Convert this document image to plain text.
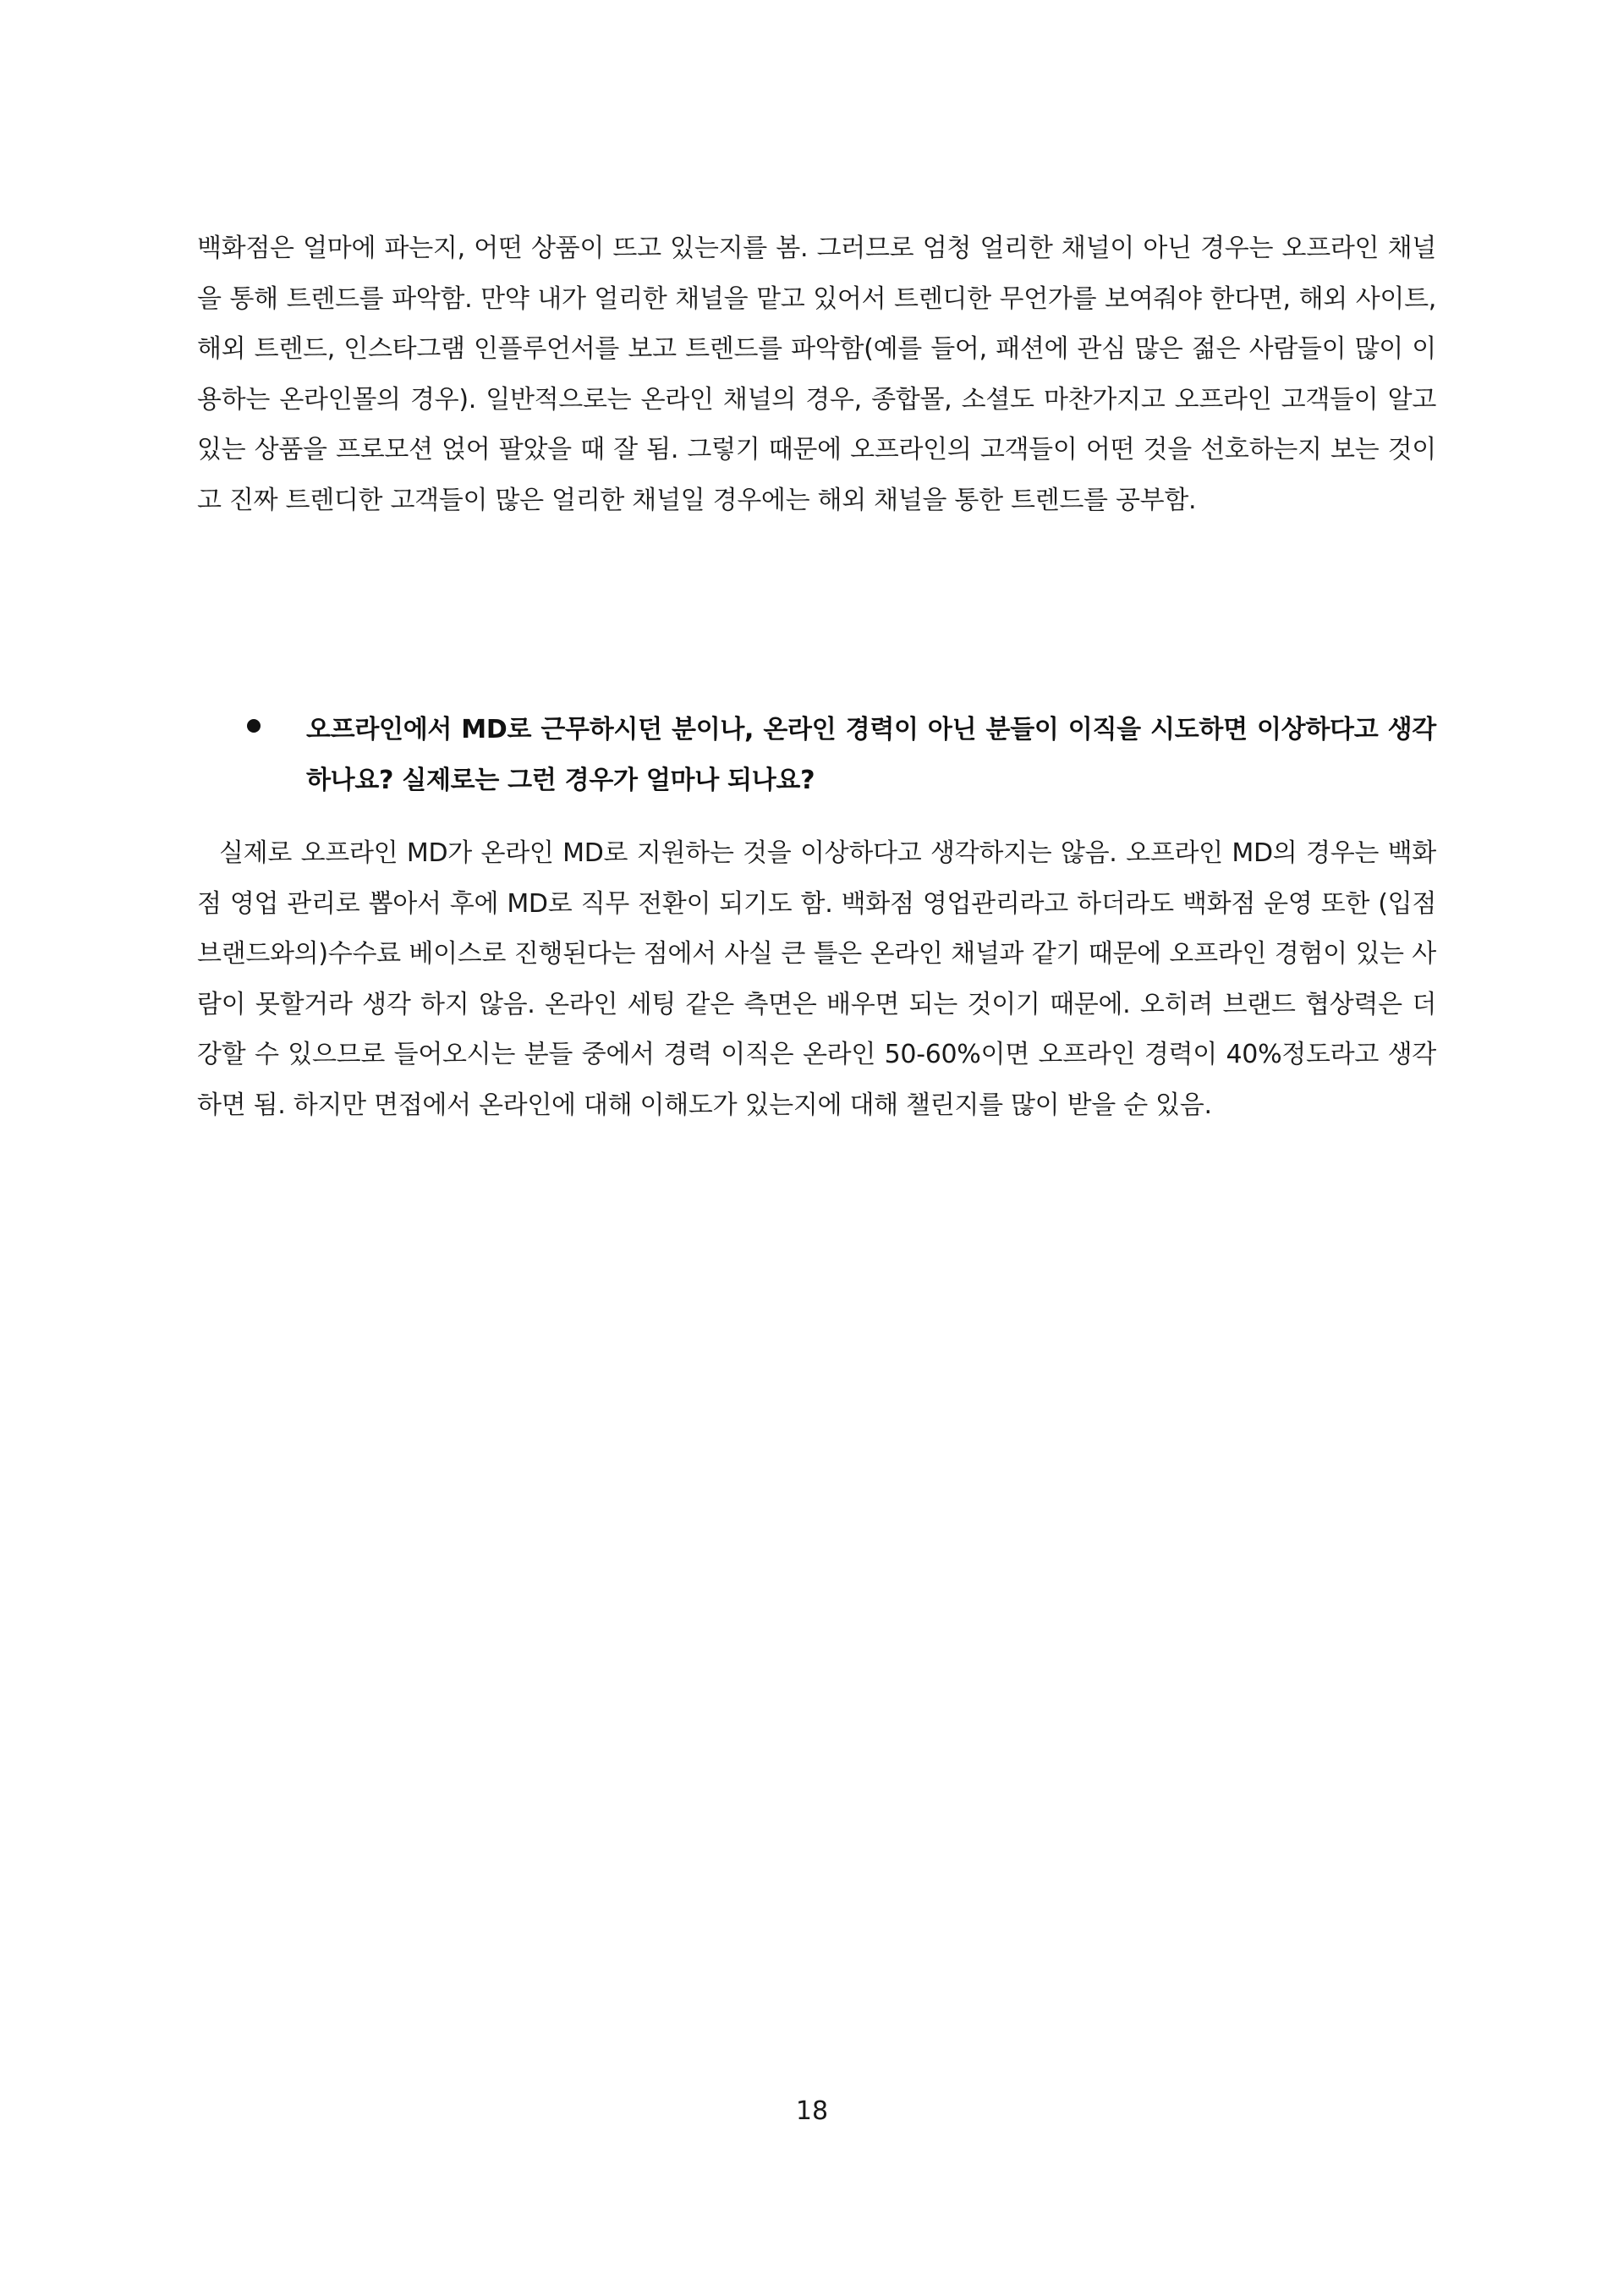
백화점은 얼마에 파는지, 어떤 상품이 뜨고 있는지를 봄. 그러므로 엄청 얼리한 채널이 아닌 경우는 오프라인 채널을 통해 트렌드를 파악함. 만약 내가 얼리한 채널을 맡고 있어서 트렌디한 무언가를 보여줘야 한다면, 해외 사이트, 해외 트렌드, 인스타그램 인플루언서를 보고 트렌드를 파악함(예를 들어, 패션에 관심 많은 젊은 사람들이 많이 이용하는 온라인몰의 경우). 일반적으로는 온라인 채널의 경우, 종합몰, 소셜도 마찬가지고 오프라인 고객들이 알고 있는 상품을 프로모션 얹어 팔았을 때 잘 됨. 그렇기 때문에 오프라인의 고객들이 어떤 것을 선호하는지 보는 것이고 진짜 트렌디한 고객들이 많은 얼리한 채널일 경우에는 해외 채널을 통한 트렌드를 공부함.

오프라인에서 MD로 근무하시던 분이나, 온라인 경력이 아닌 분들이 이직을 시도하면 이상하다고 생각하나요? 실제로는 그런 경우가 얼마나 되나요?

실제로 오프라인 MD가 온라인 MD로 지원하는 것을 이상하다고 생각하지는 않음. 오프라인 MD의 경우는 백화점 영업 관리로 뽑아서 후에 MD로 직무 전환이 되기도 함. 백화점 영업관리라고 하더라도 백화점 운영 또한 (입점 브랜드와의)수수료 베이스로 진행된다는 점에서 사실 큰 틀은 온라인 채널과 같기 때문에 오프라인 경험이 있는 사람이 못할거라 생각 하지 않음. 온라인 세팅 같은 측면은 배우면 되는 것이기 때문에. 오히려 브랜드 협상력은 더 강할 수 있으므로 들어오시는 분들 중에서 경력 이직은 온라인 50-60%이면 오프라인 경력이 40%정도라고 생각하면 됨. 하지만 면접에서 온라인에 대해 이해도가 있는지에 대해 챌린지를 많이 받을 순 있음.

18
